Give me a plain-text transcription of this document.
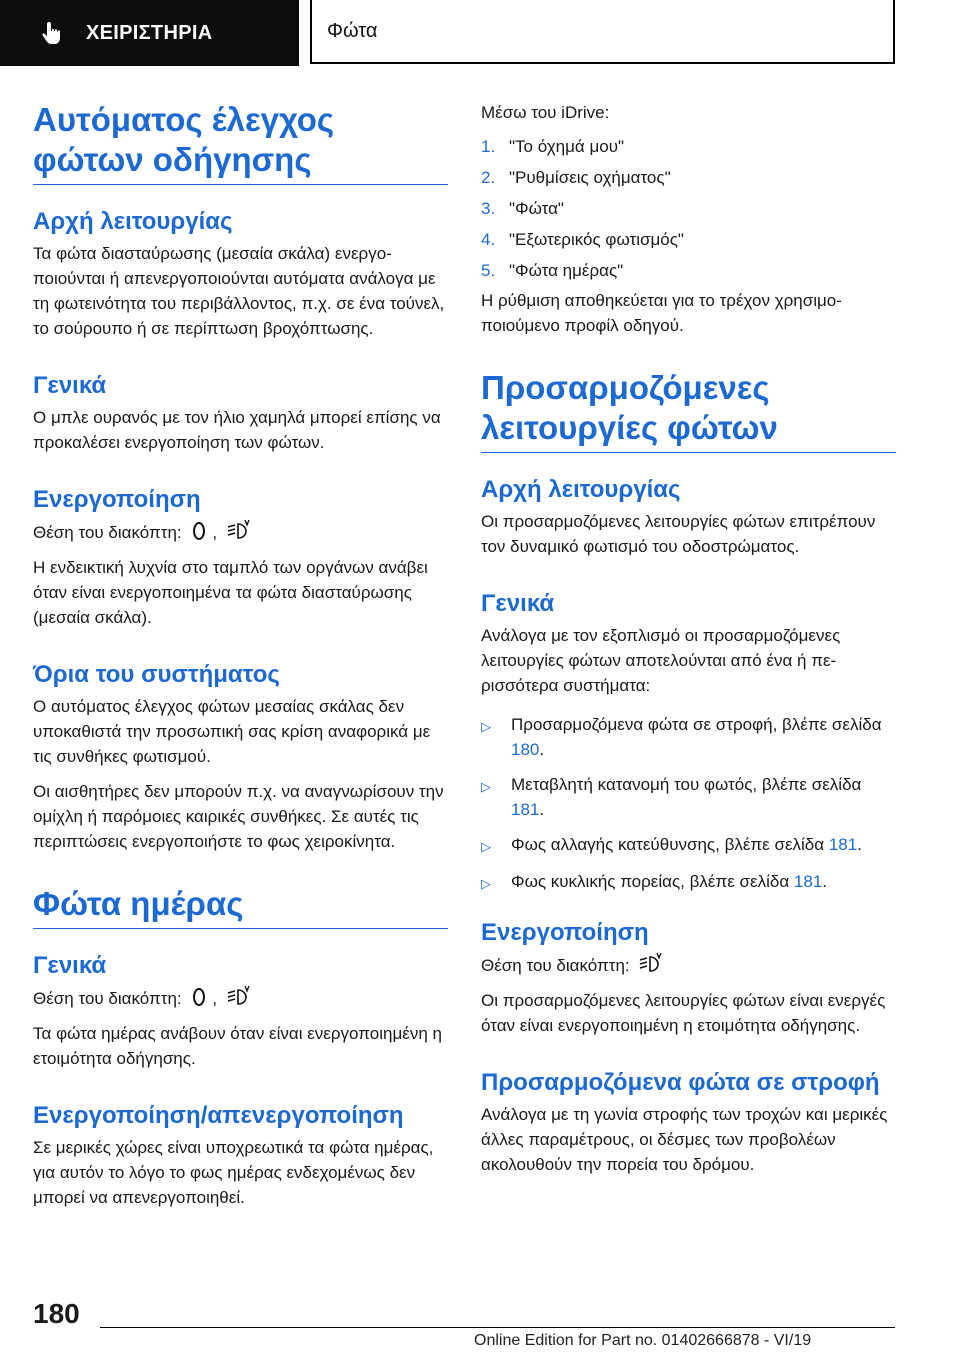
ΧΕΙΡΙΣΤΗΡΙΑ	Φώτα
Αυτόματος έλεγχος φώτων οδήγησης
Αρχή λειτουργίας

Τα φώτα διασταύρωσης (μεσαία σκάλα) ενεργοποιούνται ή απενεργοποιούνται αυτόματα ανάλογα με τη φωτεινότητα του περιβάλλοντος, π.χ. σε ένα τούνελ, το σούρουπο ή σε περίπτωση βροχόπτωσης.

Γενικά

Ο μπλε ουρανός με τον ήλιο χαμηλά μπορεί επίσης να προκαλέσει ενεργοποίηση των φώτων.

Ενεργοποίηση

Θέση του διακόπτη: ,

Η ενδεικτική λυχνία στο ταμπλό των οργάνων ανάβει όταν είναι ενεργοποιημένα τα φώτα διασταύρωσης (μεσαία σκάλα).

Όρια του συστήματος

Ο αυτόματος έλεγχος φώτων μεσαίας σκάλας δεν υποκαθιστά την προσωπική σας κρίση αναφορικά με τις συνθήκες φωτισμού.

Οι αισθητήρες δεν μπορούν π.χ. να αναγνωρίσουν την ομίχλη ή παρόμοιες καιρικές συνθήκες. Σε αυτές τις περιπτώσεις ενεργοποιήστε το φως χειροκίνητα.

Φώτα ημέρας
Γενικά

Θέση του διακόπτη: ,

Τα φώτα ημέρας ανάβουν όταν είναι ενεργοποιημένη η ετοιμότητα οδήγησης.

Ενεργοποίηση/απενεργοποίηση

Σε μερικές χώρες είναι υποχρεωτικά τα φώτα ημέρας, για αυτόν το λόγο το φως ημέρας ενδεχομένως δεν μπορεί να απενεργοποιηθεί.

Μέσω του iDrive:

1. "Το όχημά μου"
2. "Ρυθμίσεις οχήματος"
3. "Φώτα"
4. "Εξωτερικός φωτισμός"
5. "Φώτα ημέρας"

Η ρύθμιση αποθηκεύεται για το τρέχον χρησιμοποιούμενο προφίλ οδηγού.

Προσαρμοζόμενες λειτουργίες φώτων
Αρχή λειτουργίας

Οι προσαρμοζόμενες λειτουργίες φώτων επιτρέπουν τον δυναμικό φωτισμό του οδοστρώματος.

Γενικά

Ανάλογα με τον εξοπλισμό οι προσαρμοζόμενες λειτουργίες φώτων αποτελούνται από ένα ή περισσότερα συστήματα:

▷	Προσαρμοζόμενα φώτα σε στροφή, βλέπε σελίδα 180.
▷	Μεταβλητή κατανομή του φωτός, βλέπε σελίδα 181.
▷	Φως αλλαγής κατεύθυνσης, βλέπε σελίδα 181.
▷	Φως κυκλικής πορείας, βλέπε σελίδα 181.
Ενεργοποίηση

Θέση του διακόπτη:

Οι προσαρμοζόμενες λειτουργίες φώτων είναι ενεργές όταν είναι ενεργοποιημένη η ετοιμότητα οδήγησης.

Προσαρμοζόμενα φώτα σε στροφή

Ανάλογα με τη γωνία στροφής των τροχών και μερικές άλλες παραμέτρους, οι δέσμες των προβολέων ακολουθούν την πορεία του δρόμου.

180
Online Edition for Part no. 01402666878 - VI/19
